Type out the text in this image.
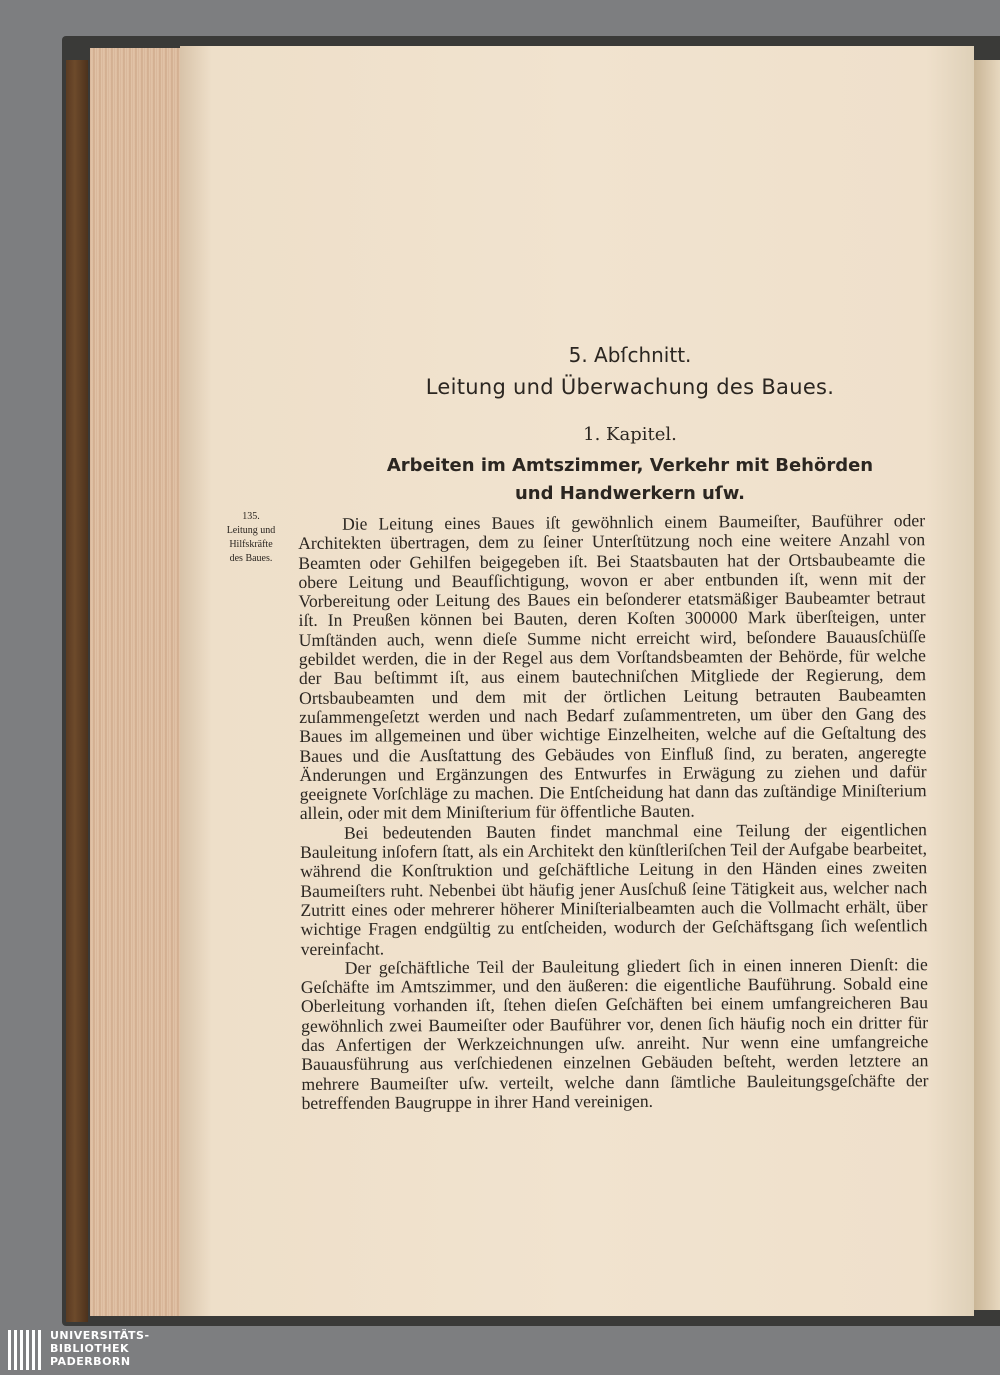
5. Abſchnitt.
Leitung und Überwachung des Baues.
1. Kapitel.
Arbeiten im Amtszimmer, Verkehr mit Behörden
und Handwerkern uſw.
135.
Leitung und
Hilfskräfte
des Baues.

Die Leitung eines Baues iſt gewöhnlich einem Baumeiſter, Bauführer oder Architekten übertragen, dem zu ſeiner Unterſtützung noch eine weitere Anzahl von Beamten oder Gehilfen beigegeben iſt. Bei Staatsbauten hat der Ortsbaubeamte die obere Leitung und Beaufſichtigung, wovon er aber entbunden iſt, wenn mit der Vorbereitung oder Leitung des Baues ein beſonderer etatsmäßiger Baubeamter betraut iſt. In Preußen können bei Bauten, deren Koſten 300000 Mark überſteigen, unter Umſtänden auch, wenn dieſe Summe nicht erreicht wird, beſondere Bauausſchüſſe gebildet werden, die in der Regel aus dem Vorſtandsbeamten der Behörde, für welche der Bau beſtimmt iſt, aus einem bautechniſchen Mitgliede der Regierung, dem Ortsbaubeamten und dem mit der örtlichen Leitung betrauten Baubeamten zuſammengeſetzt werden und nach Bedarf zuſammentreten, um über den Gang des Baues im allgemeinen und über wichtige Einzelheiten, welche auf die Geſtaltung des Baues und die Ausſtattung des Gebäudes von Einfluß ſind, zu beraten, angeregte Änderungen und Ergänzungen des Entwurfes in Erwägung zu ziehen und dafür geeignete Vorſchläge zu machen. Die Entſcheidung hat dann das zuſtändige Miniſterium allein, oder mit dem Miniſterium für öffentliche Bauten.

Bei bedeutenden Bauten findet manchmal eine Teilung der eigentlichen Bauleitung inſofern ſtatt, als ein Architekt den künſtleriſchen Teil der Aufgabe bearbeitet, während die Konſtruktion und geſchäftliche Leitung in den Händen eines zweiten Baumeiſters ruht. Nebenbei übt häufig jener Ausſchuß ſeine Tätigkeit aus, welcher nach Zutritt eines oder mehrerer höherer Miniſterialbeamten auch die Vollmacht erhält, über wichtige Fragen endgültig zu entſcheiden, wodurch der Geſchäftsgang ſich weſentlich vereinfacht.

Der geſchäftliche Teil der Bauleitung gliedert ſich in einen inneren Dienſt: die Geſchäfte im Amtszimmer, und den äußeren: die eigentliche Bauführung. Sobald eine Oberleitung vorhanden iſt, ſtehen dieſen Geſchäften bei einem umfangreicheren Bau gewöhnlich zwei Baumeiſter oder Bauführer vor, denen ſich häufig noch ein dritter für das Anfertigen der Werkzeichnungen uſw. anreiht. Nur wenn eine umfangreiche Bauausführung aus verſchiedenen einzelnen Gebäuden beſteht, werden letztere an mehrere Baumeiſter uſw. verteilt, welche dann ſämtliche Bauleitungsgeſchäfte der betreffenden Baugruppe in ihrer Hand vereinigen.

UNIVERSITÄTS-
BIBLIOTHEK
PADERBORN
